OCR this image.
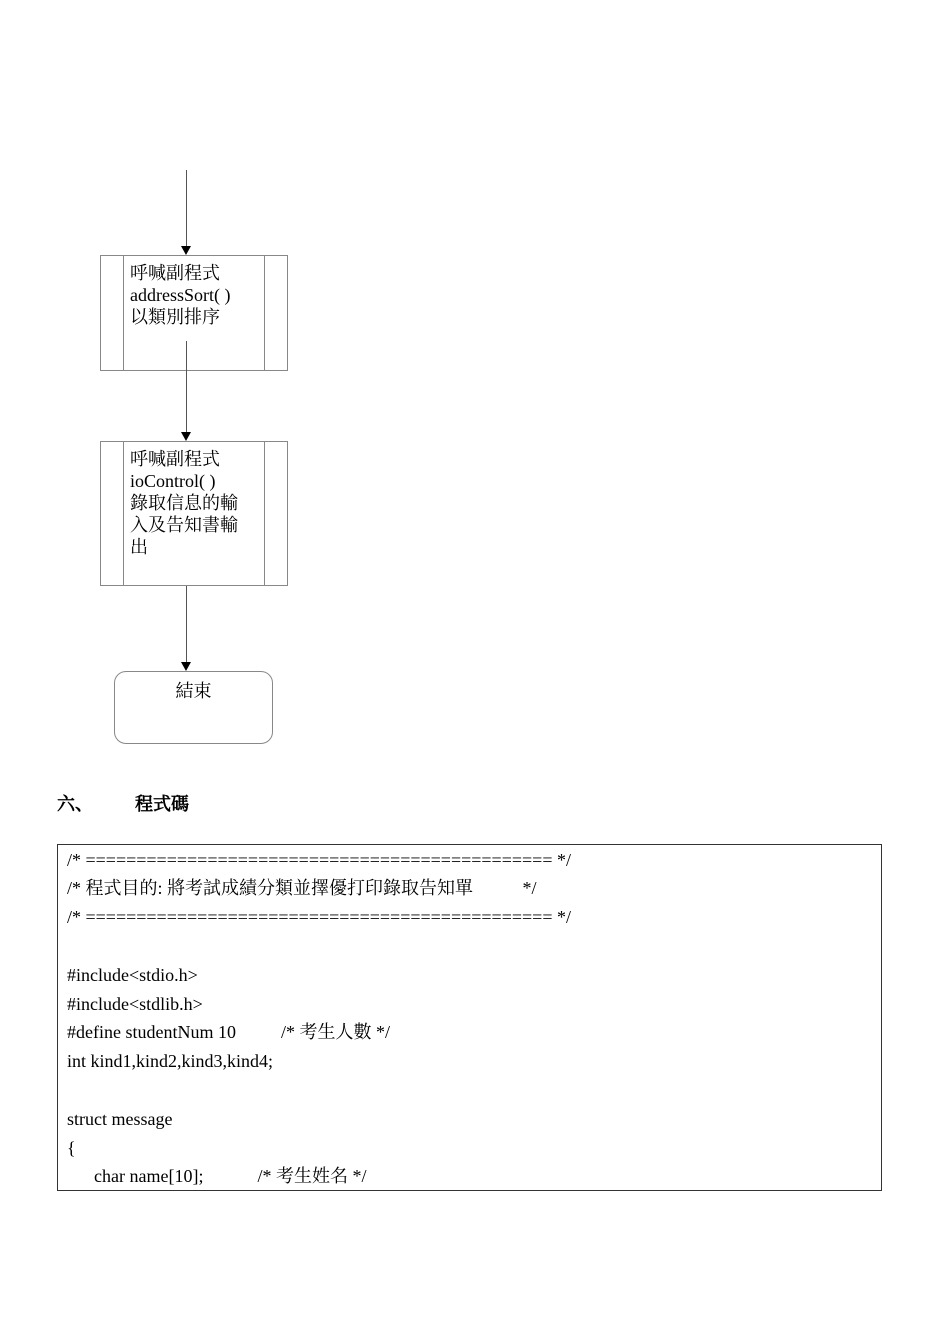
呼喊副程式
addressSort( )
以類別排序
呼喊副程式
ioControl( )
錄取信息的輸
入及告知書輸
出
結束
六、 程式碼
/* ============================================== */
/* 程式目的: 將考試成績分類並擇優打印錄取告知單           */
/* ============================================== */
#include<stdio.h>
#include<stdlib.h>
#define studentNum 10          /* 考生人數 */
int kind1,kind2,kind3,kind4;
struct message
{
char name[10];            /* 考生姓名 */
